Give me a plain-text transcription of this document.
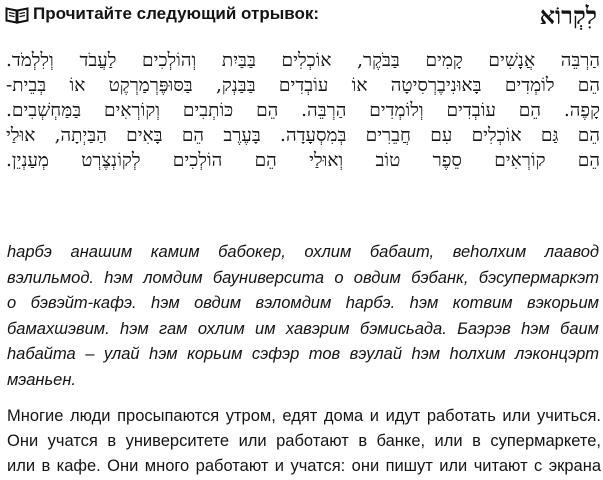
Прочитайте следующий отрывок:	לִקְרוֹא
הַרְבֵּה אֲנָשִׁים קָמִים בַּבֹּקֶר, אוֹכְלִים בַּבַּיִת וְהוֹלְכִים לַעֲבֹד וְלִלְמֹד.
הֵם לוֹמְדִים בָּאוּנִיבֶרְסִיטָה אוֹ עוֹבְדִים בַּבַּנְק, בַּסּוּפֶּרְמַרְקֶט אוֹ בְּבֵית-
קָפֶה. הֵם עוֹבְדִים וְלוֹמְדִים הַרְבֵּה. הֵם כּוֹתְבִים וְקוֹרְאִים בַּמַּחְשְׁבִים.
הֵם גַּם אוֹכְלִים עִם חֲבֵרִים בְּמִסְעָדָה. בָּעֶרֶב הֵם בָּאִים הַבַּיְתָה, אוּלַי
הֵם קוֹרְאִים סֵפֶר טוֹב וְאוּלַי הֵם הוֹלְכִים לְקוֹנְצֶרְט מְעַנְיֵן.
hарбэ анашим камим бабокер, охлим бабаит, веhолхим лаавод
вэлильмод. hэм ломдим бауниверсита о овдим бэбанк, бэсупермаркэт
о бэвэйт-кафэ. hэм овдим вэломдим hарбэ. hэм котвим вэкорьим
бамахшэвим. hэм гам охлим им хавэрим бэмисьада. Баэрэв hэм баим
hабайта – улай hэм корьим сэфэр тов вэулай hэм hолхим лэконцэрт
мэаньен.
Многие люди просыпаются утром, едят дома и идут работать или учиться.
Они учатся в университете или работают в банке, или в супермаркете,
или в кафе. Они много работают и учатся: они пишут или читают с экрана
